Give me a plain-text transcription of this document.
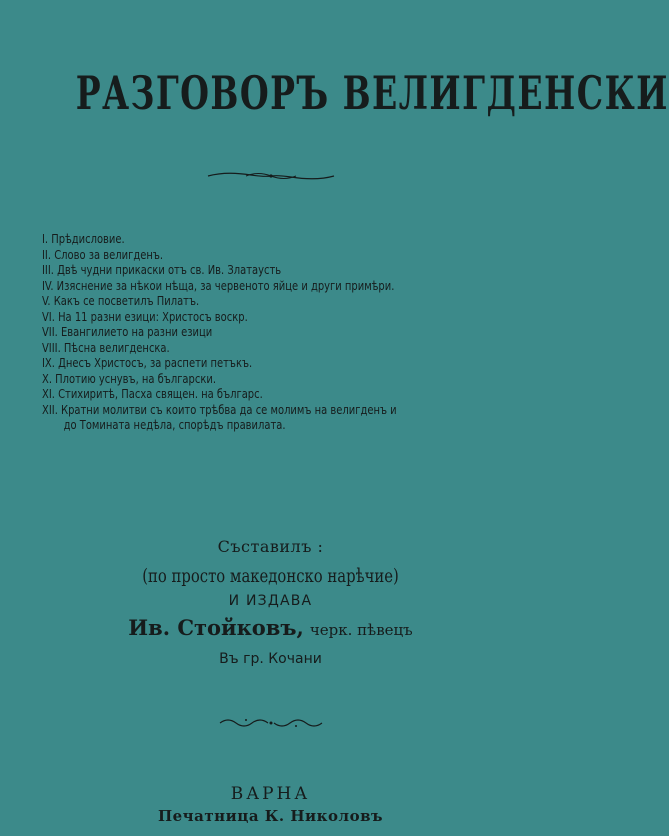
РАЗГОВОРЪ ВЕЛИГДЕНСКИ
I. Прѣдисловие.
II. Слово за велигденъ.
III. Двѣ чудни прикаски отъ св. Ив. Златаусть
IV. Изяснение за нѣкои нѣща, за червеното яйце и други примѣри.
V. Какъ се посветилъ Пилатъ.
VI. На 11 разни езици: Христосъ воскр.
VII. Евангилието на разни езици
VIII. Пѣсна велигденска.
IX. Днесъ Христосъ, за распети петъкъ.
X. Плотию уснувъ, на български.
XI. Стихиритѣ, Пасха священ. на българс.
XII. Кратни молитви съ които трѣбва да се молимъ на велигденъ и
до Томината недѣла, спорѣдъ правилата.
Съставилъ :
(по просто македонско нарѣчие)
И ИЗДАВА
Ив. Стойковъ, черк. пѣвецъ
Въ гр. Кочани
ВАРНА
Печатница К. Николовъ
